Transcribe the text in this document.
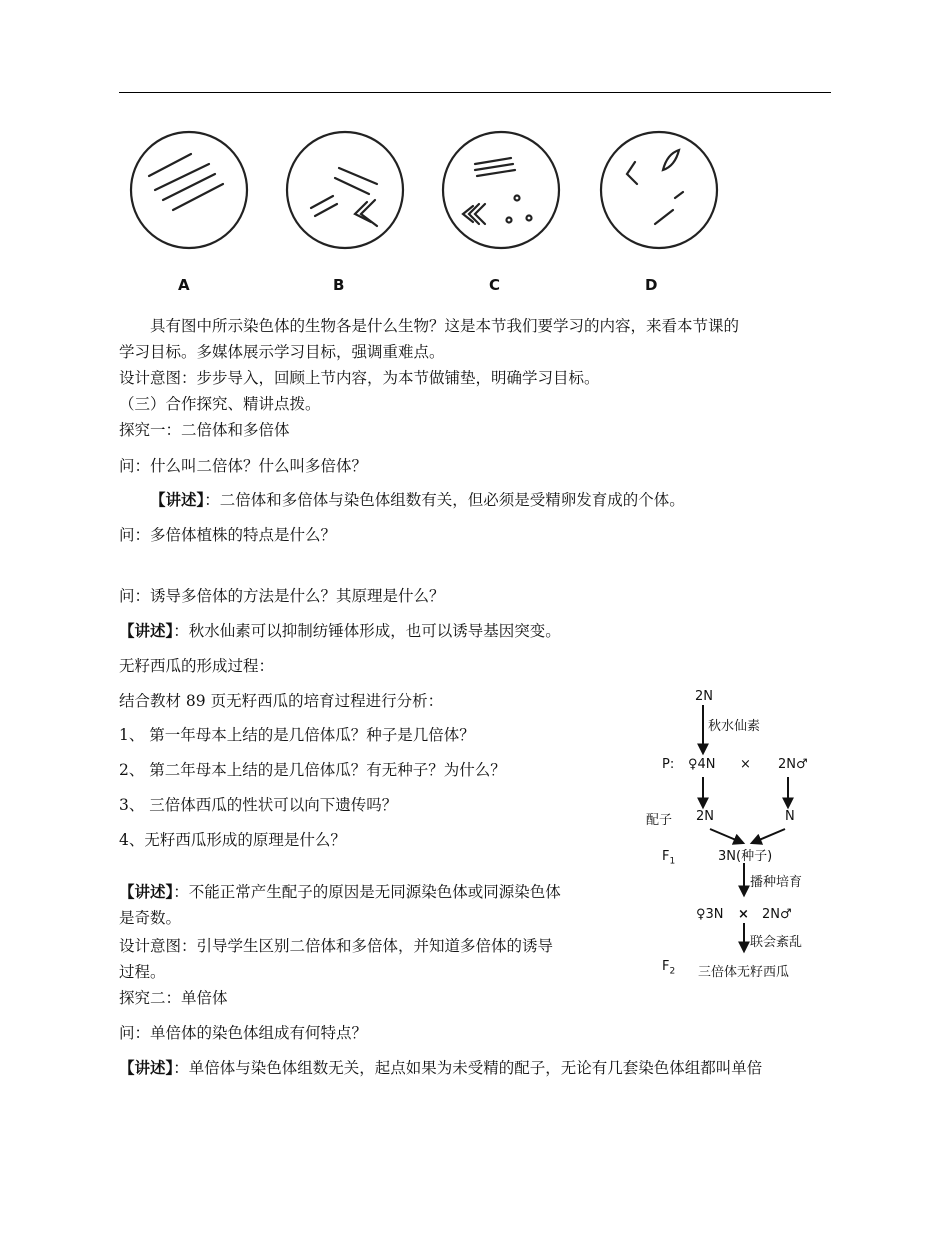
A	B	C	D
具有图中所示染色体的生物各是什么生物？这是本节我们要学习的内容，来看本节课的
学习目标。多媒体展示学习目标，强调重难点。
设计意图：步步导入，回顾上节内容，为本节做铺垫，明确学习目标。
（三）合作探究、精讲点拨。
探究一：二倍体和多倍体
问：什么叫二倍体？什么叫多倍体？
【讲述】：二倍体和多倍体与染色体组数有关，但必须是受精卵发育成的个体。
问：多倍体植株的特点是什么？
问：诱导多倍体的方法是什么？其原理是什么？
【讲述】：秋水仙素可以抑制纺锤体形成，也可以诱导基因突变。
无籽西瓜的形成过程：
结合教材 89 页无籽西瓜的培育过程进行分析：
1、 第一年母本上结的是几倍体瓜？种子是几倍体？
2、 第二年母本上结的是几倍体瓜？有无种子？为什么？
3、 三倍体西瓜的性状可以向下遗传吗？
4、无籽西瓜形成的原理是什么？
【讲述】：不能正常产生配子的原因是无同源染色体或同源染色体
是奇数。
设计意图：引导学生区别二倍体和多倍体，并知道多倍体的诱导
过程。
探究二：单倍体
问：单倍体的染色体组成有何特点？
【讲述】：单倍体与染色体组数无关，起点如果为未受精的配子，无论有几套染色体组都叫单倍
2N
秋水仙素
P: ♀4N × 2N♂
配子 2N	N
$F_1$	3N(种子)
播种培育
♀3N × 2N♂
联会紊乱
$F_2$ 三倍体无籽西瓜
